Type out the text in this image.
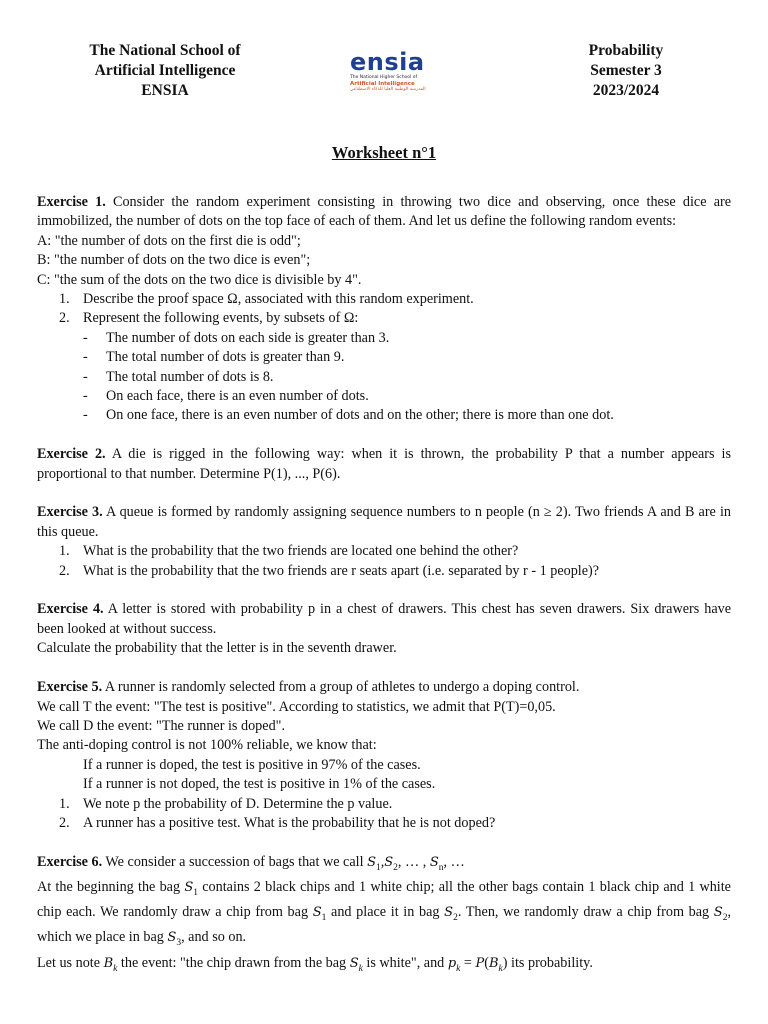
The National School of
Artificial Intelligence
ENSIA
ensia
The National Higher School of
Artificial Intelligence
المدرسة الوطنية العليا للذكاء الاصطناعي
Probability
Semester 3
2023/2024
Worksheet n°1

Exercise 1. Consider the random experiment consisting in throwing two dice and observing, once these dice are immobilized, the number of dots on the top face of each of them. And let us define the following random events:

A: "the number of dots on the first die is odd";

B: "the number of dots on the two dice is even";

C: "the sum of the dots on the two dice is divisible by 4".

1. Describe the proof space Ω, associated with this random experiment.

2. Represent the following events, by subsets of Ω:

- The number of dots on each side is greater than 3.

- The total number of dots is greater than 9.

- The total number of dots is 8.

- On each face, there is an even number of dots.

- On one face, there is an even number of dots and on the other; there is more than one dot.

Exercise 2. A die is rigged in the following way: when it is thrown, the probability P that a number appears is proportional to that number. Determine P(1), ..., P(6).

Exercise 3. A queue is formed by randomly assigning sequence numbers to n people (n ≥ 2). Two friends A and B are in this queue.

1. What is the probability that the two friends are located one behind the other?

2. What is the probability that the two friends are r seats apart (i.e. separated by r - 1 people)?

Exercise 4. A letter is stored with probability p in a chest of drawers. This chest has seven drawers. Six drawers have been looked at without success.

Calculate the probability that the letter is in the seventh drawer.

Exercise 5. A runner is randomly selected from a group of athletes to undergo a doping control.

We call T the event: "The test is positive". According to statistics, we admit that P(T)=0,05.

We call D the event: "The runner is doped".

The anti-doping control is not 100% reliable, we know that:

If a runner is doped, the test is positive in 97% of the cases.

If a runner is not doped, the test is positive in 1% of the cases.

1. We note p the probability of D. Determine the p value.

2. A runner has a positive test. What is the probability that he is not doped?

Exercise 6. We consider a succession of bags that we call $S_1,S_2$, … , $S_n$, …

At the beginning the bag $S_1$ contains 2 black chips and 1 white chip; all the other bags contain 1 black chip and 1 white chip each. We randomly draw a chip from bag $S_1$ and place it in bag $S_2$. Then, we randomly draw a chip from bag $S_2$, which we place in bag $S_3$, and so on.

Let us note $B_k$ the event: "the chip drawn from the bag $S_k$ is white", and $p_k = P(B_k)$ its probability.
